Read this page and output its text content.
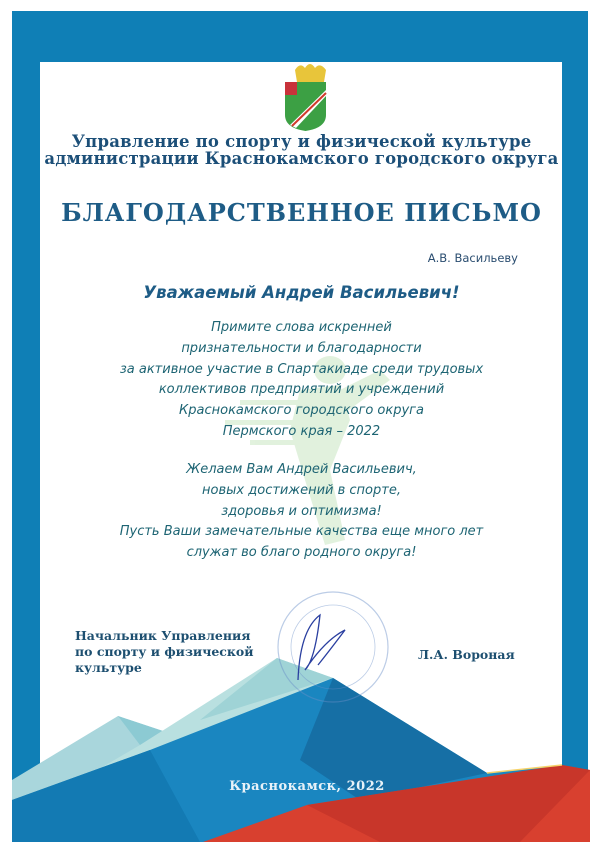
Управление по спорту и физической культуре
администрации Краснокамского городского округа
БЛАГОДАРСТВЕННОЕ ПИСЬМО
А.В. Васильеву
Уважаемый Андрей Васильевич!
Примите слова искренней
признательности и благодарности
за активное участие в Спартакиаде среди трудовых
коллективов предприятий и учреждений
Краснокамского городского округа
Пермского края – 2022
Желаем Вам Андрей Васильевич,
новых достижений в спорте,
здоровья и оптимизма!
Пусть Ваши замечательные качества еще много лет
служат во благо родного округа!
Начальник Управления
по спорту и физической
культуре
Л.А. Вороная
Краснокамск, 2022
